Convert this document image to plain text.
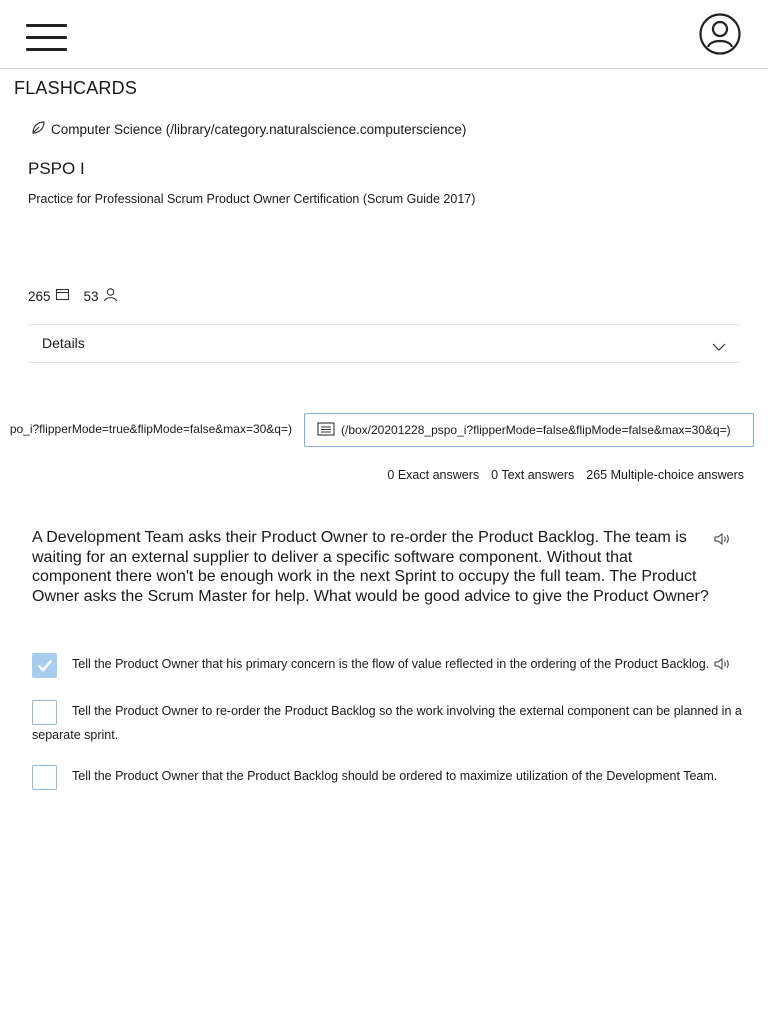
FLASHCARDS
Computer Science (/library/category.naturalscience.computerscience)
PSPO I
Practice for Professional Scrum Product Owner Certification (Scrum Guide 2017)
265 53
Details
po_i?flipperMode=true&flipMode=false&max=30&q=)	(/box/20201228_pspo_i?flipperMode=false&flipMode=false&max=30&q=)
0 Exact answers 0 Text answers 265 Multiple-choice answers
A Development Team asks their Product Owner to re-order the Product Backlog. The team is waiting for an external supplier to deliver a specific software component. Without that component there won't be enough work in the next Sprint to occupy the full team. The Product Owner asks the Scrum Master for help. What would be good advice to give the Product Owner?
Tell the Product Owner that his primary concern is the flow of value reflected in the ordering of the Product Backlog.
Tell the Product Owner to re-order the Product Backlog so the work involving the external component can be planned in a separate sprint.
Tell the Product Owner that the Product Backlog should be ordered to maximize utilization of the Development Team.
